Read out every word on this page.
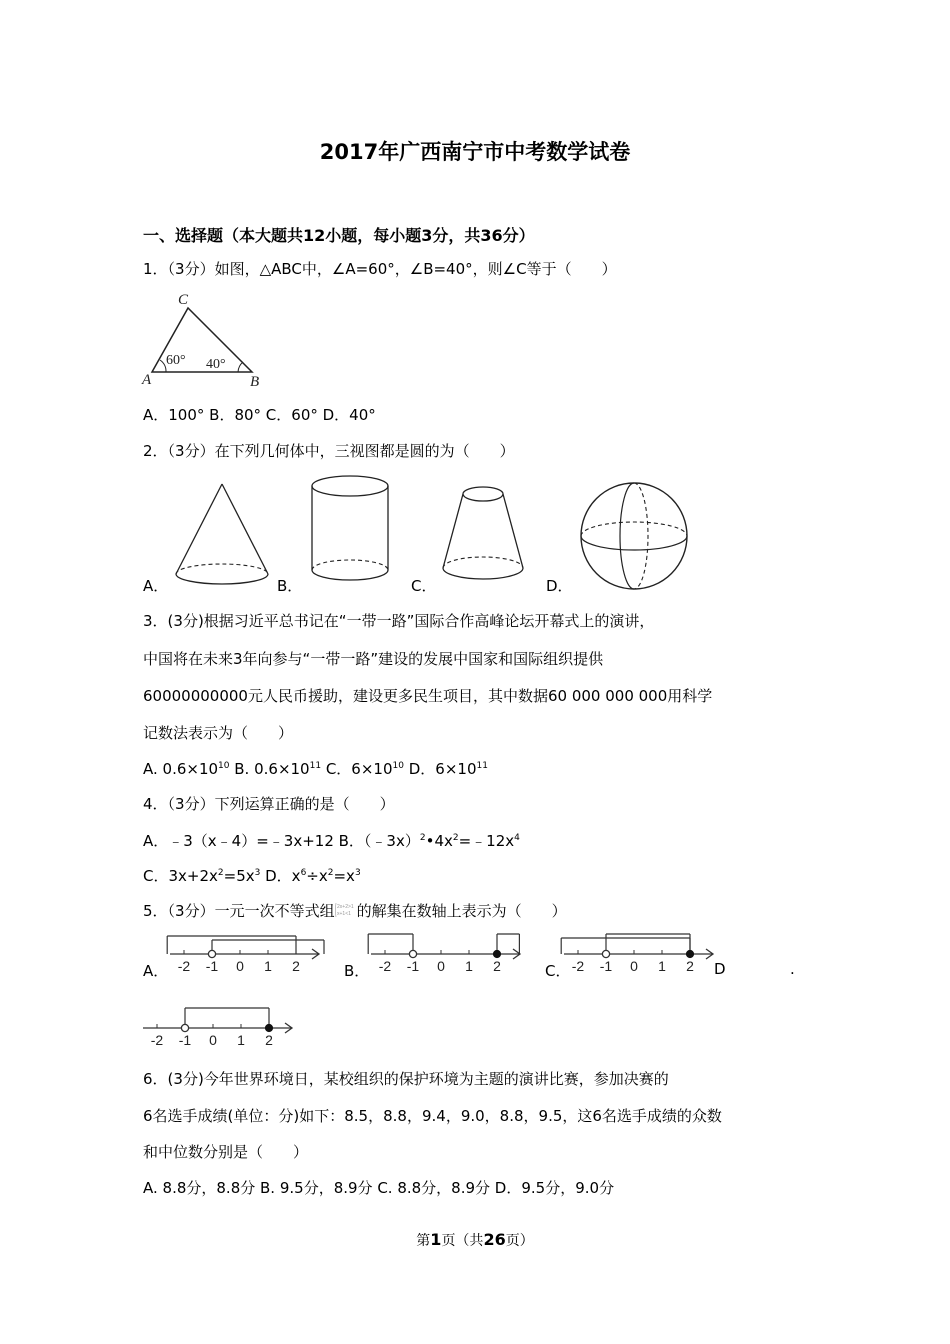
2017年广西南宁市中考数学试卷
一、选择题（本大题共12小题，每小题3分，共36分）
1．（3分）如图，△ABC中，∠A=60°，∠B=40°，则∠C等于（　　）
C
A	B
60° 40°
A．100° B．80° C．60° D．40°
2．（3分）在下列几何体中，三视图都是圆的为（　　）
A．	B．	C．	D．
3．(3分)根据习近平总书记在“一带一路”国际合作高峰论坛开幕式上的演讲，
中国将在未来3年向参与“一带一路”建设的发展中国家和国际组织提供
60000000000元人民币援助，建设更多民生项目，其中数据60 000 000 000用科学
记数法表示为（　　）
A. $0.6\times 10^{10}$ B. $0.6\times 10^{11}$ C．$6\times 10^{10}$ D．$6\times 10^{11}$
4．（3分）下列运算正确的是（　　）
A．﹣3（x﹣4）=﹣3x+12 B．$(﹣3x)^2•4x^2=﹣12x^4$
C．$3x+2x^2=5x^3$ D．$x^6\div x^2=x^3$
5．（3分）一元一次不等式组 2x+2>1
x+1<1 的解集在数轴上表示为（　　）
A． -2 -1 0 1 2	B． -2 -1 0 1 2	C． -2 -1 0 1 2 D	.
-2 -1 0 1 2
6．(3分)今年世界环境日，某校组织的保护环境为主题的演讲比赛，参加决赛的
6名选手成绩(单位：分)如下：8.5，8.8，9.4，9.0，8.8，9.5，这6名选手成绩的众数
和中位数分别是（　　）
A. 8.8分，8.8分 B. 9.5分，8.9分 C. 8.8分，8.9分 D．9.5分，9.0分
第1页（共26页）
